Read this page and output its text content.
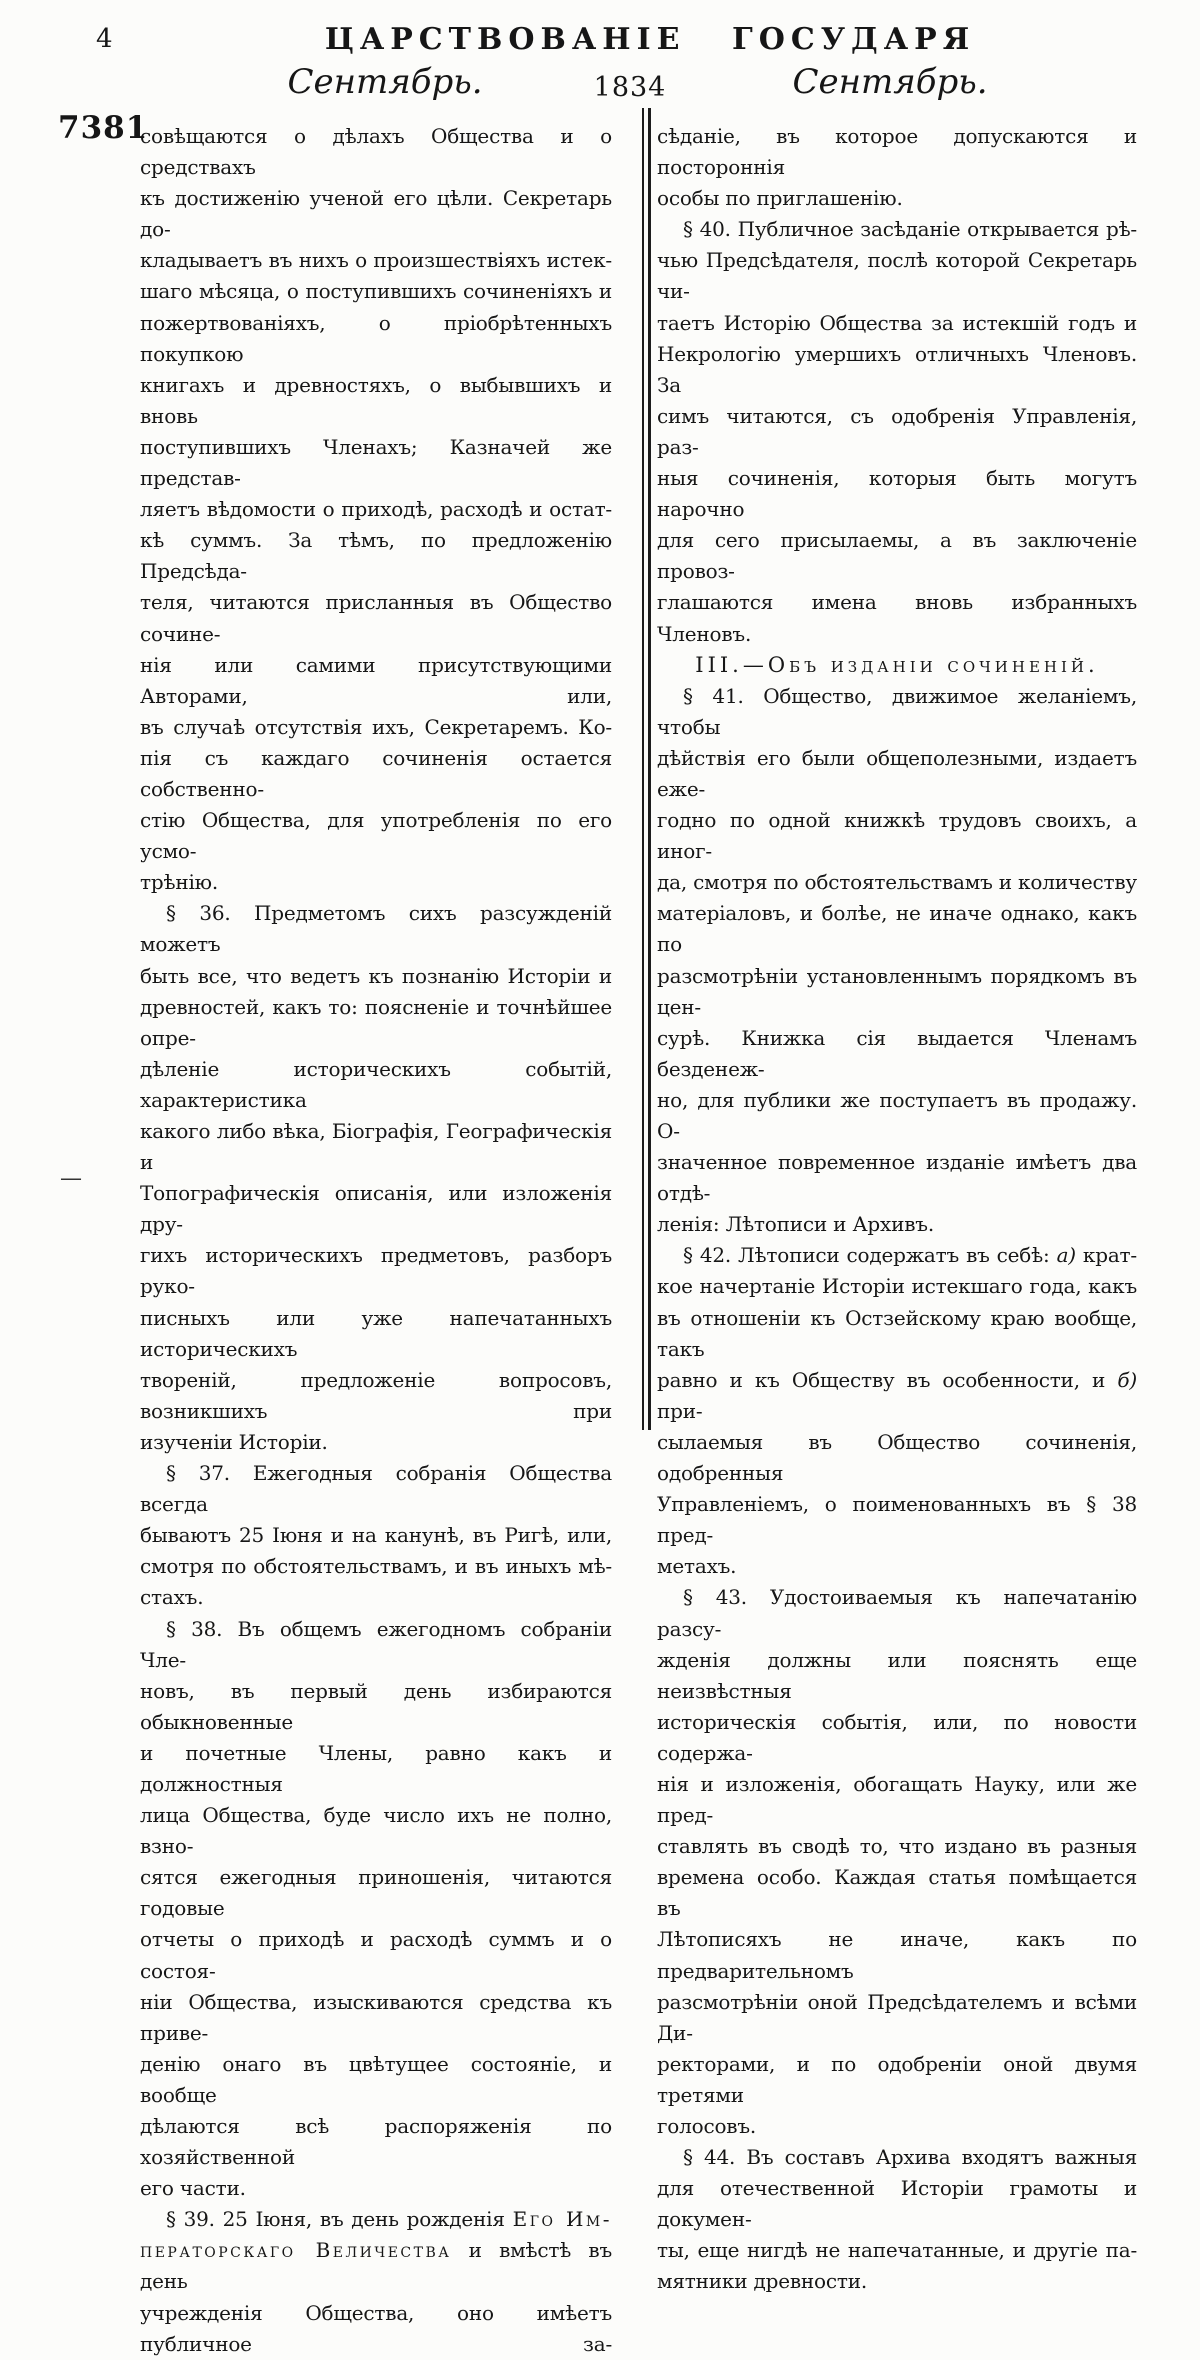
4	ЦАРСТВОВАНІЕ ГОСУДАРЯ
Сентябрь.	1834	Сентябрь.
7381
—
совѣщаются о дѣлахъ Общества и о средствахъ
къ достиженію ученой его цѣли. Секретарь до-
кладываетъ въ нихъ о произшествіяхъ истек-
шаго мѣсяца, о поступившихъ сочиненіяхъ и
пожертвованіяхъ, о пріобрѣтенныхъ покупкою
книгахъ и древностяхъ, о выбывшихъ и вновь
поступившихъ Членахъ; Казначей же представ-
ляетъ вѣдомости о приходѣ, расходѣ и остат-
кѣ суммъ. За тѣмъ, по предложенію Предсѣда-
теля, читаются присланныя въ Общество сочине-
нія или самими присутствующими Авторами, или,
въ случаѣ отсутствія ихъ, Секретаремъ. Ко-
пія съ каждаго сочиненія остается собственно-
стію Общества, для употребленія по его усмо-
трѣнію.
§ 36. Предметомъ сихъ разсужденій можетъ
быть все, что ведетъ къ познанію Исторіи и
древностей, какъ то: поясненіе и точнѣйшее опре-
дѣленіе историческихъ событій, характеристика
какого либо вѣка, Біографія, Географическія и
Топографическія описанія, или изложенія дру-
гихъ историческихъ предметовъ, разборъ руко-
писныхъ или уже напечатанныхъ историческихъ
твореній, предложеніе вопросовъ, возникшихъ при
изученіи Исторіи.
§ 37. Ежегодныя собранія Общества всегда
бываютъ 25 Іюня и на канунѣ, въ Ригѣ, или,
смотря по обстоятельствамъ, и въ иныхъ мѣ-
стахъ.
§ 38. Въ общемъ ежегодномъ собраніи Чле-
новъ, въ первый день избираются обыкновенные
и почетные Члены, равно какъ и должностныя
лица Общества, буде число ихъ не полно, взно-
сятся ежегодныя приношенія, читаются годовые
отчеты о приходѣ и расходѣ суммъ и о состоя-
ніи Общества, изыскиваются средства къ приве-
денію онаго въ цвѣтущее состояніе, и вообще
дѣлаются всѣ распоряженія по хозяйственной
его части.
§ 39. 25 Іюня, въ день рожденія Его Им-
ператорскаго Величества и вмѣстѣ въ день
учрежденія Общества, оно имѣетъ публичное за-
сѣданіе, въ которое допускаются и постороннія
особы по приглашенію.
§ 40. Публичное засѣданіе открывается рѣ-
чью Предсѣдателя, послѣ которой Секретарь чи-
таетъ Исторію Общества за истекшій годъ и
Некрологію умершихъ отличныхъ Членовъ. За
симъ читаются, съ одобренія Управленія, раз-
ныя сочиненія, которыя быть могутъ нарочно
для сего присылаемы, а въ заключеніе провоз-
глашаются имена вновь избранныхъ Членовъ.
III.—Объ изданіи сочиненій.
§ 41. Общество, движимое желаніемъ, чтобы
дѣйствія его были общеполезными, издаетъ еже-
годно по одной книжкѣ трудовъ своихъ, а иног-
да, смотря по обстоятельствамъ и количеству
матеріаловъ, и болѣе, не иначе однако, какъ по
разсмотрѣніи установленнымъ порядкомъ въ цен-
сурѣ. Книжка сія выдается Членамъ безденеж-
но, для публики же поступаетъ въ продажу. О-
значенное повременное изданіе имѣетъ два отдѣ-
ленія: Лѣтописи и Архивъ.
§ 42. Лѣтописи содержатъ въ себѣ: а) крат-
кое начертаніе Исторіи истекшаго года, какъ
въ отношеніи къ Остзейскому краю вообще, такъ
равно и къ Обществу въ особенности, и б) при-
сылаемыя въ Общество сочиненія, одобренныя
Управленіемъ, о поименованныхъ въ § 38 пред-
метахъ.
§ 43. Удостоиваемыя къ напечатанію разсу-
жденія должны или пояснять еще неизвѣстныя
историческія событія, или, по новости содержа-
нія и изложенія, обогащать Науку, или же пред-
ставлять въ сводѣ то, что издано въ разныя
времена особо. Каждая статья помѣщается въ
Лѣтописяхъ не иначе, какъ по предварительномъ
разсмотрѣніи оной Предсѣдателемъ и всѣми Ди-
ректорами, и по одобреніи оной двумя третями
голосовъ.
§ 44. Въ составъ Архива входятъ важныя
для отечественной Исторіи грамоты и докумен-
ты, еще нигдѣ не напечатанные, и другіе па-
мятники древности.
